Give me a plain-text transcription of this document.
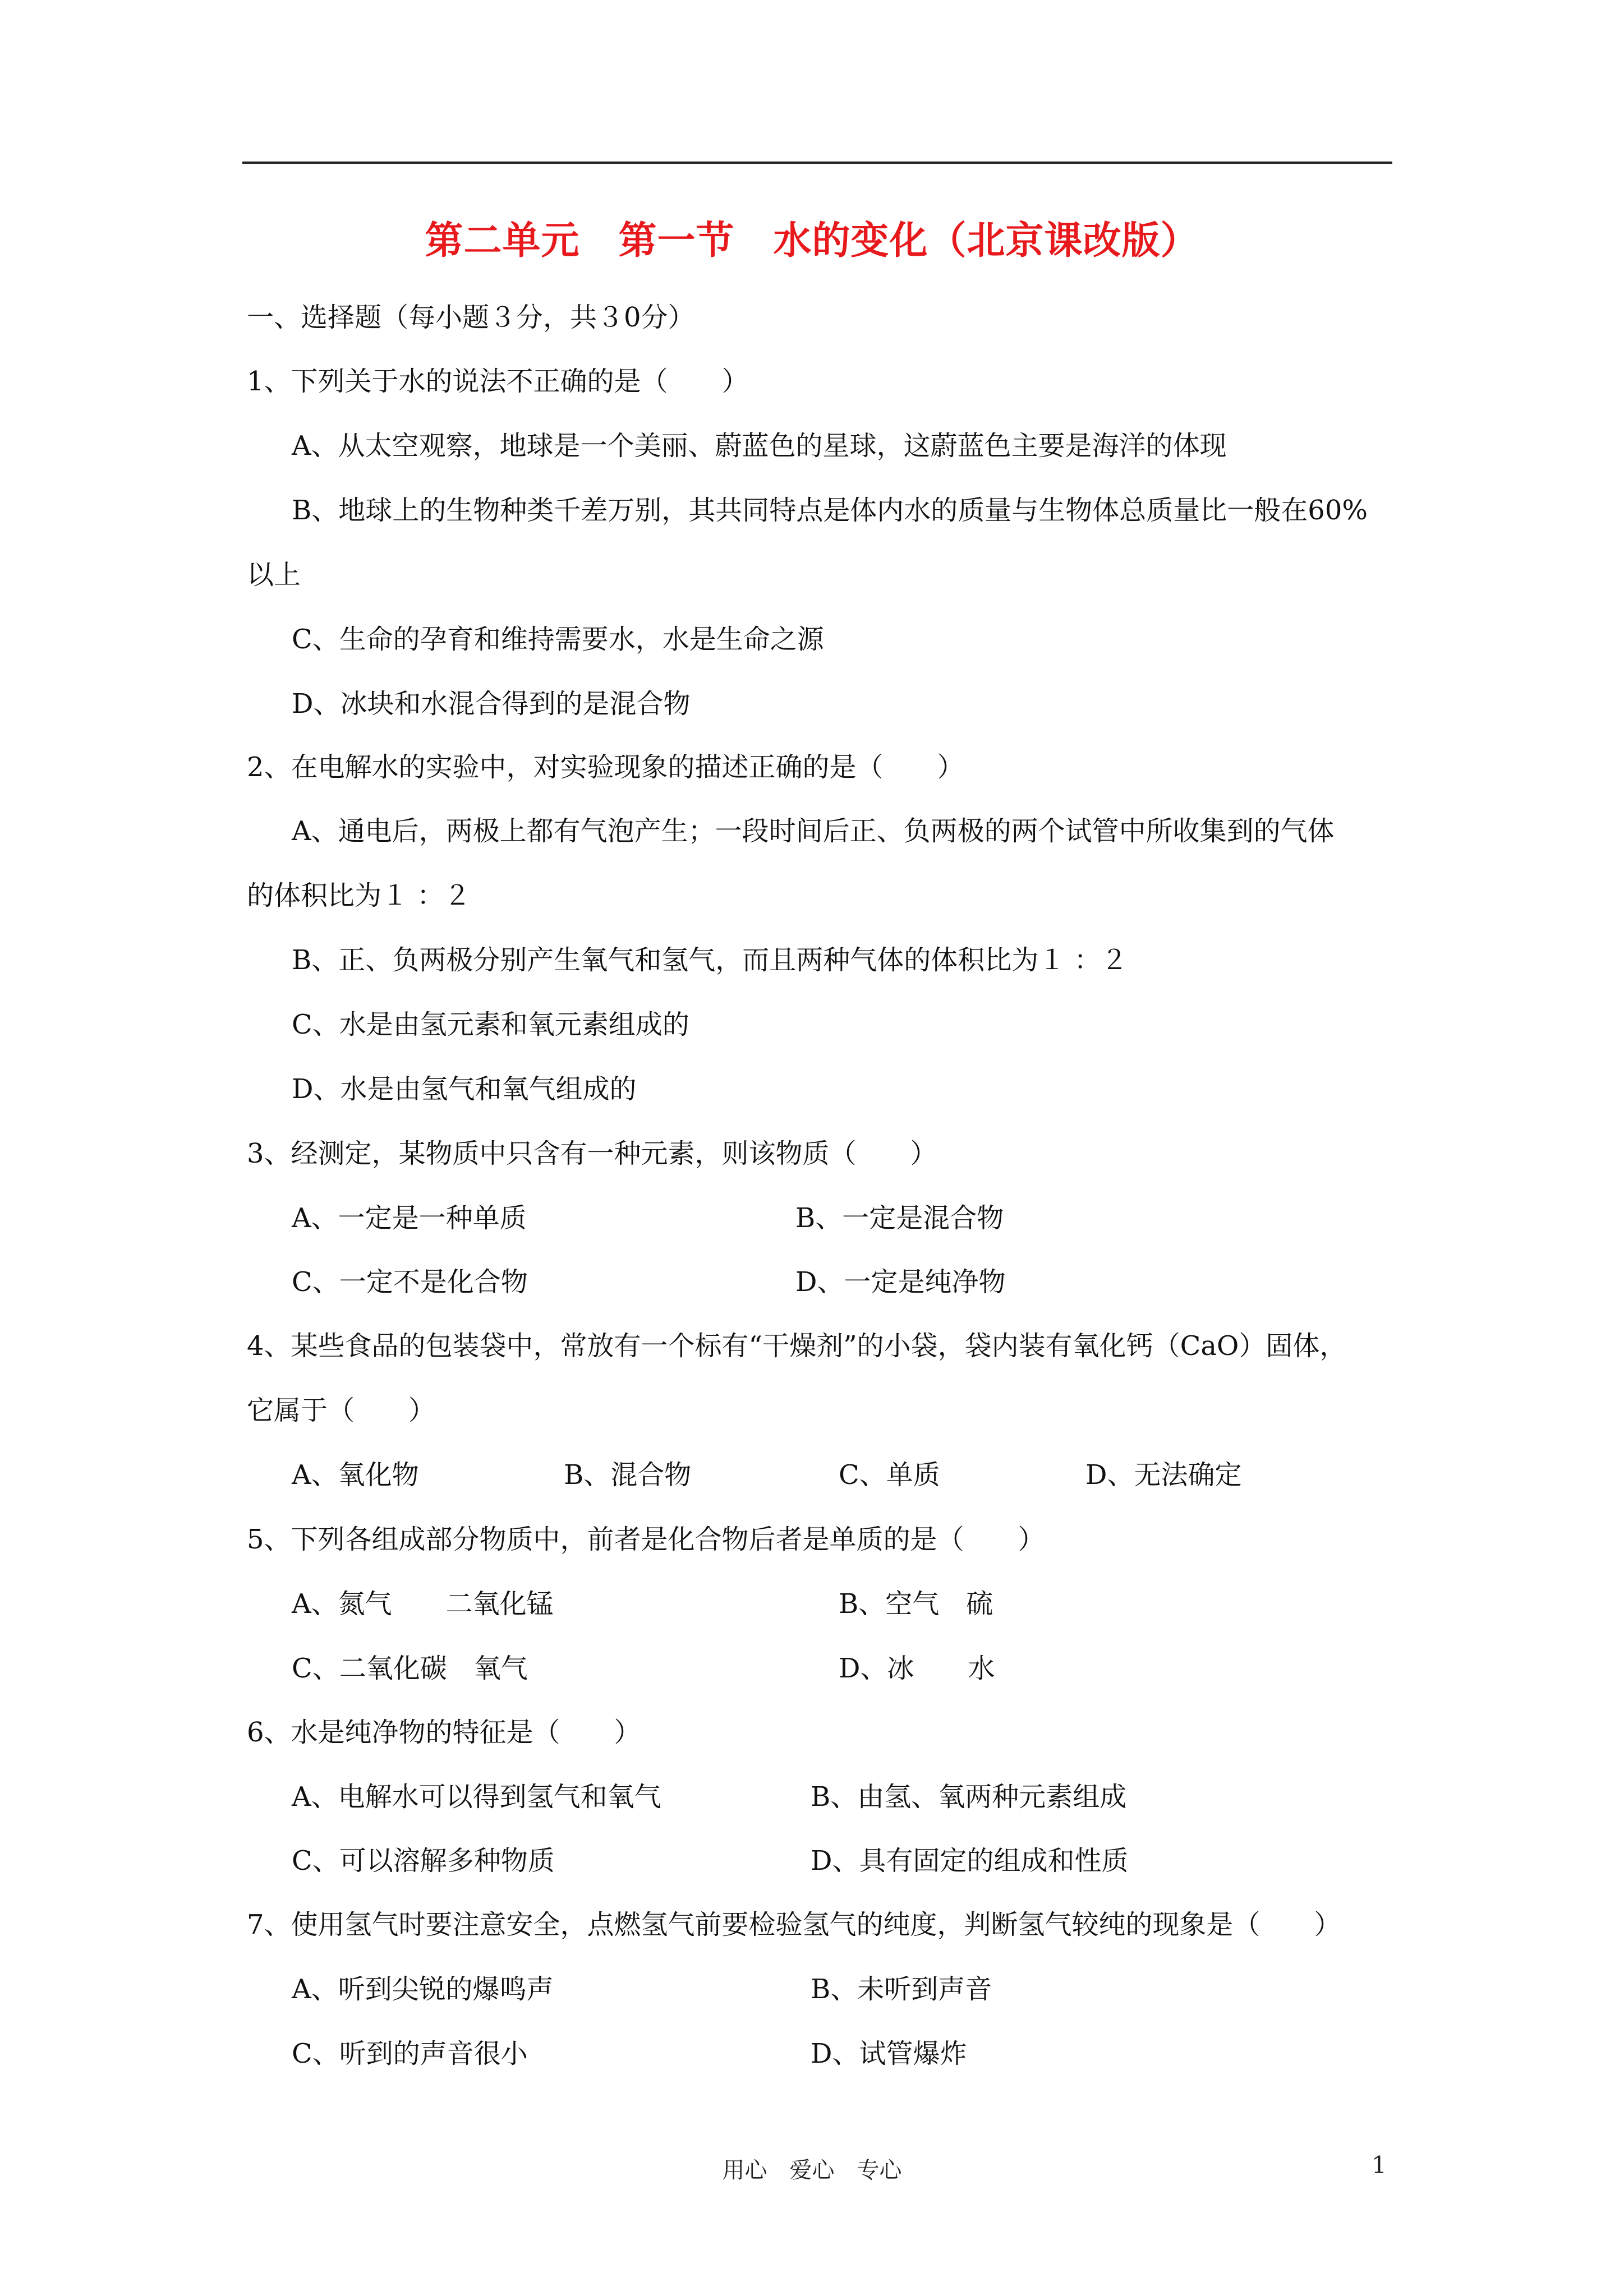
第二单元　第一节　水的变化（北京课改版）
一、选择题（每小题３分，共３0分）
1、下列关于水的说法不正确的是（　　）
A、从太空观察，地球是一个美丽、蔚蓝色的星球，这蔚蓝色主要是海洋的体现
B、地球上的生物种类千差万别，其共同特点是体内水的质量与生物体总质量比一般在60%
以上
C、生命的孕育和维持需要水，水是生命之源
D、冰块和水混合得到的是混合物
2、在电解水的实验中，对实验现象的描述正确的是（　　）
A、通电后，两极上都有气泡产生；一段时间后正、负两极的两个试管中所收集到的气体
的体积比为１ ：２
B、正、负两极分别产生氧气和氢气，而且两种气体的体积比为１ ：２
C、水是由氢元素和氧元素组成的
D、水是由氢气和氧气组成的
3、经测定，某物质中只含有一种元素，则该物质（　　）
A、一定是一种单质	B、一定是混合物
C、一定不是化合物	D、一定是纯净物
4、某些食品的包装袋中，常放有一个标有“干燥剂”的小袋，袋内装有氧化钙（CaO）固体，
它属于（　　）
A、氧化物	B、混合物	C、单质	D、无法确定
5、下列各组成部分物质中，前者是化合物后者是单质的是（　　）
A、氮气　　二氧化锰	B、空气　硫
C、二氧化碳　氧气	D、冰　　水
6、水是纯净物的特征是（　　）
A、电解水可以得到氢气和氧气	B、由氢、氧两种元素组成
C、可以溶解多种物质	D、具有固定的组成和性质
7、使用氢气时要注意安全，点燃氢气前要检验氢气的纯度，判断氢气较纯的现象是（　　）
A、听到尖锐的爆鸣声	B、未听到声音
C、听到的声音很小	D、试管爆炸
用心　爱心　专心	1
